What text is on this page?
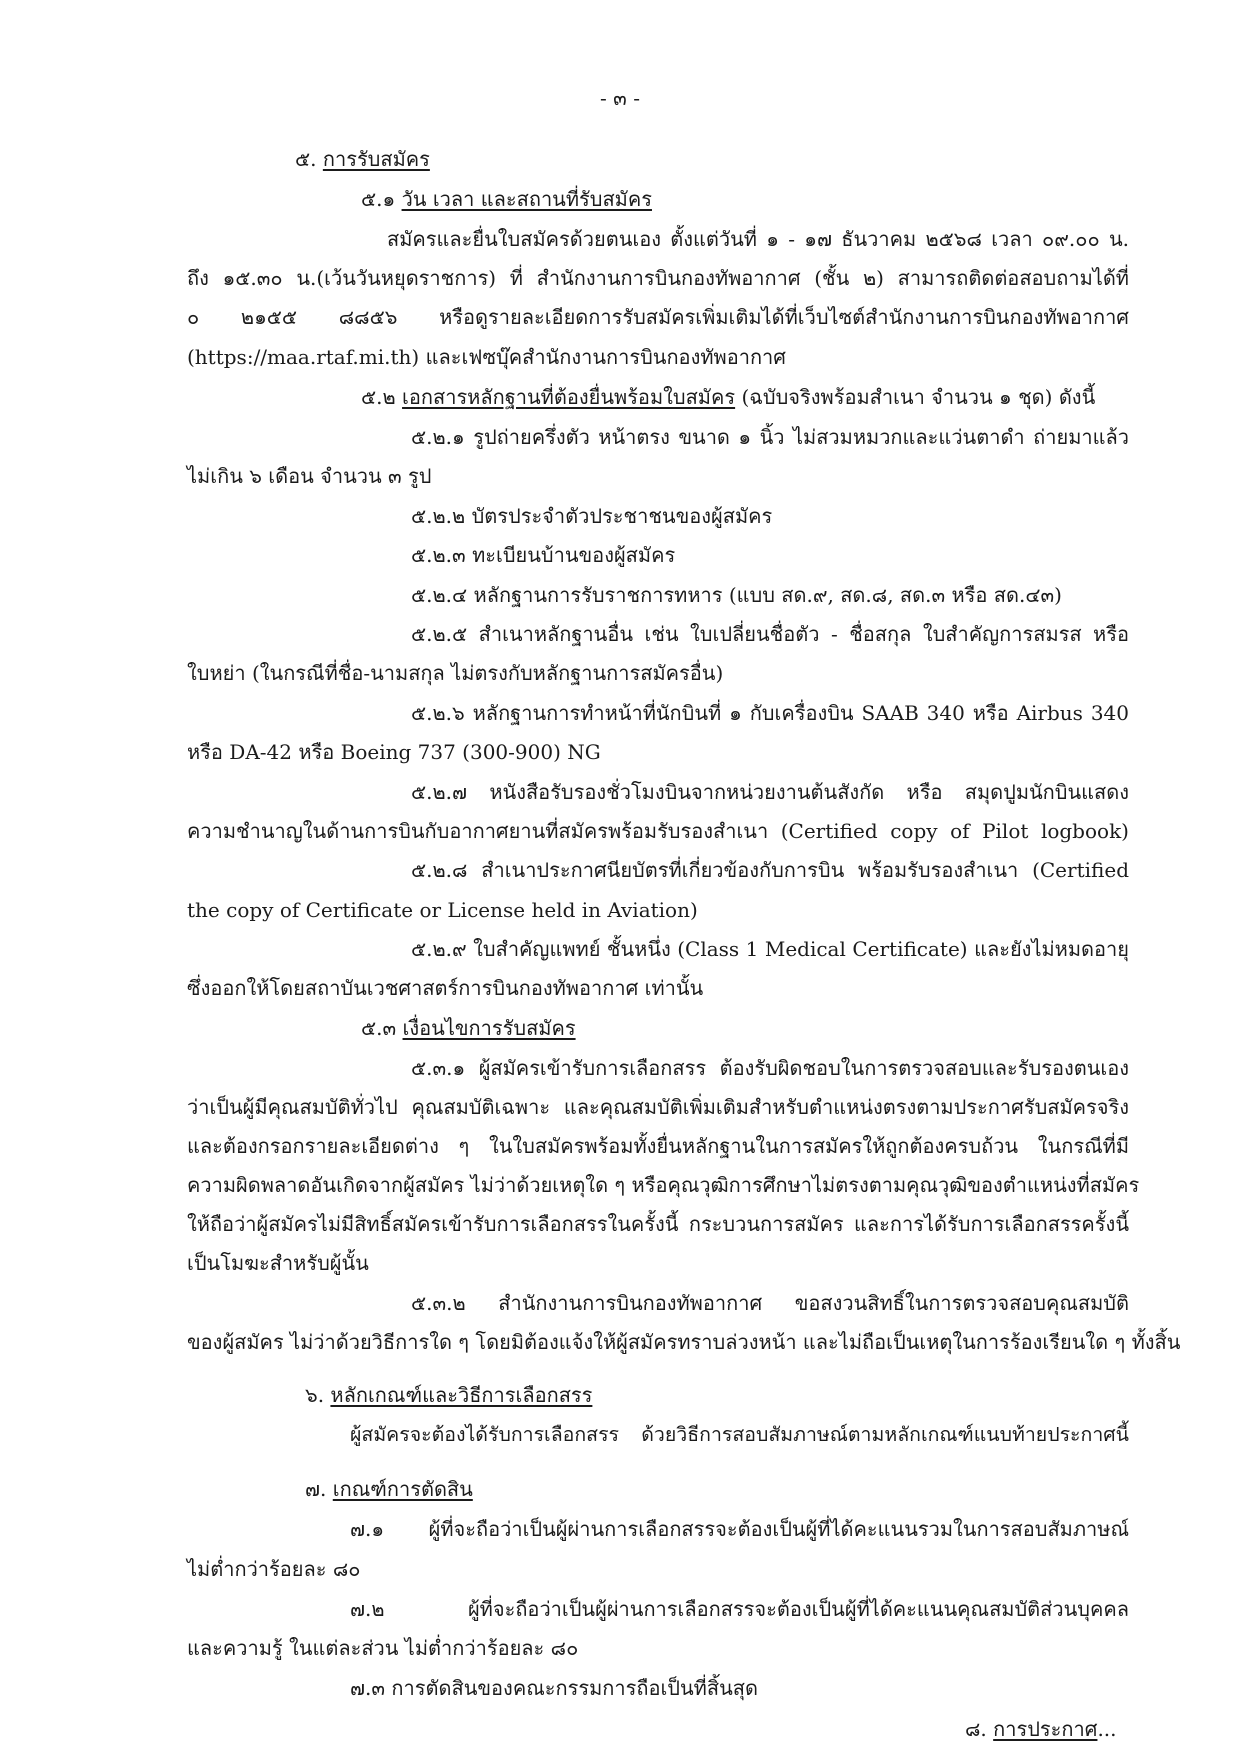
- ๓ -
๕. การรับสมัคร
๕.๑ วัน เวลา และสถานที่รับสมัคร
สมัครและยื่นใบสมัครด้วยตนเอง ตั้งแต่วันที่ ๑ - ๑๗ ธันวาคม ๒๕๖๘ เวลา ๐๙.๐๐ น.
ถึง ๑๕.๓๐ น.(เว้นวันหยุดราชการ) ที่ สำนักงานการบินกองทัพอากาศ (ชั้น ๒) สามารถติดต่อสอบถามได้ที่
๐ ๒๑๕๕ ๘๘๕๖ หรือดูรายละเอียดการรับสมัครเพิ่มเติมได้ที่เว็บไซต์สำนักงานการบินกองทัพอากาศ
(https://maa.rtaf.mi.th) และเฟซบุ๊คสำนักงานการบินกองทัพอากาศ
๕.๒ เอกสารหลักฐานที่ต้องยื่นพร้อมใบสมัคร (ฉบับจริงพร้อมสำเนา จำนวน ๑ ชุด) ดังนี้
๕.๒.๑ รูปถ่ายครึ่งตัว หน้าตรง ขนาด ๑ นิ้ว ไม่สวมหมวกและแว่นตาดำ ถ่ายมาแล้ว
ไม่เกิน ๖ เดือน จำนวน ๓ รูป
๕.๒.๒ บัตรประจำตัวประชาชนของผู้สมัคร
๕.๒.๓ ทะเบียนบ้านของผู้สมัคร
๕.๒.๔ หลักฐานการรับราชการทหาร (แบบ สด.๙, สด.๘, สด.๓ หรือ สด.๔๓)
๕.๒.๕ สำเนาหลักฐานอื่น เช่น ใบเปลี่ยนชื่อตัว - ชื่อสกุล ใบสำคัญการสมรส หรือ
ใบหย่า (ในกรณีที่ชื่อ-นามสกุล ไม่ตรงกับหลักฐานการสมัครอื่น)
๕.๒.๖ หลักฐานการทำหน้าที่นักบินที่ ๑ กับเครื่องบิน SAAB 340 หรือ Airbus 340
หรือ DA-42 หรือ Boeing 737 (300-900) NG
๕.๒.๗ หนังสือรับรองชั่วโมงบินจากหน่วยงานต้นสังกัด หรือ สมุดปูมนักบินแสดง
ความชำนาญในด้านการบินกับอากาศยานที่สมัครพร้อมรับรองสำเนา (Certified copy of Pilot logbook)
๕.๒.๘ สำเนาประกาศนียบัตรที่เกี่ยวข้องกับการบิน พร้อมรับรองสำเนา (Certified
the copy of Certificate or License held in Aviation)
๕.๒.๙ ใบสำคัญแพทย์ ชั้นหนึ่ง (Class 1 Medical Certificate) และยังไม่หมดอายุ
ซึ่งออกให้โดยสถาบันเวชศาสตร์การบินกองทัพอากาศ เท่านั้น
๕.๓ เงื่อนไขการรับสมัคร
๕.๓.๑ ผู้สมัครเข้ารับการเลือกสรร ต้องรับผิดชอบในการตรวจสอบและรับรองตนเอง
ว่าเป็นผู้มีคุณสมบัติทั่วไป คุณสมบัติเฉพาะ และคุณสมบัติเพิ่มเติมสำหรับตำแหน่งตรงตามประกาศรับสมัครจริง
และต้องกรอกรายละเอียดต่าง ๆ ในใบสมัครพร้อมทั้งยื่นหลักฐานในการสมัครให้ถูกต้องครบถ้วน ในกรณีที่มี
ความผิดพลาดอันเกิดจากผู้สมัคร ไม่ว่าด้วยเหตุใด ๆ หรือคุณวุฒิการศึกษาไม่ตรงตามคุณวุฒิของตำแหน่งที่สมัคร
ให้ถือว่าผู้สมัครไม่มีสิทธิ์สมัครเข้ารับการเลือกสรรในครั้งนี้ กระบวนการสมัคร และการได้รับการเลือกสรรครั้งนี้
เป็นโมฆะสำหรับผู้นั้น
๕.๓.๒ สำนักงานการบินกองทัพอากาศ ขอสงวนสิทธิ์ในการตรวจสอบคุณสมบัติ
ของผู้สมัคร ไม่ว่าด้วยวิธีการใด ๆ โดยมิต้องแจ้งให้ผู้สมัครทราบล่วงหน้า และไม่ถือเป็นเหตุในการร้องเรียนใด ๆ ทั้งสิ้น
๖. หลักเกณฑ์และวิธีการเลือกสรร
ผู้สมัครจะต้องได้รับการเลือกสรร ด้วยวิธีการสอบสัมภาษณ์ตามหลักเกณฑ์แนบท้ายประกาศนี้
๗. เกณฑ์การตัดสิน
๗.๑ ผู้ที่จะถือว่าเป็นผู้ผ่านการเลือกสรรจะต้องเป็นผู้ที่ได้คะแนนรวมในการสอบสัมภาษณ์
ไม่ต่ำกว่าร้อยละ ๘๐
๗.๒ ผู้ที่จะถือว่าเป็นผู้ผ่านการเลือกสรรจะต้องเป็นผู้ที่ได้คะแนนคุณสมบัติส่วนบุคคล
และความรู้ ในแต่ละส่วน ไม่ต่ำกว่าร้อยละ ๘๐
๗.๓ การตัดสินของคณะกรรมการถือเป็นที่สิ้นสุด
๘. การประกาศ...
